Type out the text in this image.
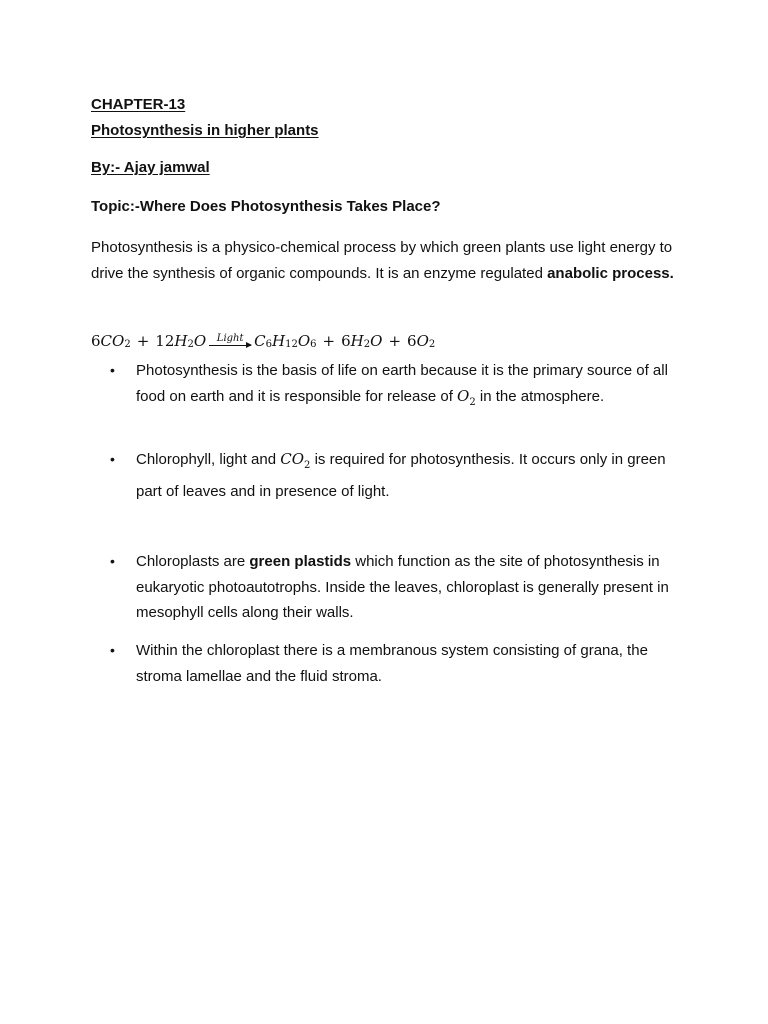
CHAPTER-13
Photosynthesis in higher plants
By:- Ajay jamwal
Topic:-Where Does Photosynthesis Takes Place?

Photosynthesis is a physico-chemical process by which green plants use light energy to drive the synthesis of organic compounds. It is an enzyme regulated anabolic process.

6 $CO_2 + 12$ $H_2$ O Light $C_6$ $H_{12}$ $O_6 + 6$ $H_2$ O + 6 $O_2$
•	Photosynthesis is the basis of life on earth because it is the primary source of all food on earth and it is responsible for release of $O_2$ in the atmosphere.
•	Chlorophyll, light and $CO_2$ is required for photosynthesis. It occurs only in green part of leaves and in presence of light.
•	Chloroplasts are green plastids which function as the site of photosynthesis in eukaryotic photoautotrophs. Inside the leaves, chloroplast is generally present in mesophyll cells along their walls.
•	Within the chloroplast there is a membranous system consisting of grana, the stroma lamellae and the fluid stroma.
